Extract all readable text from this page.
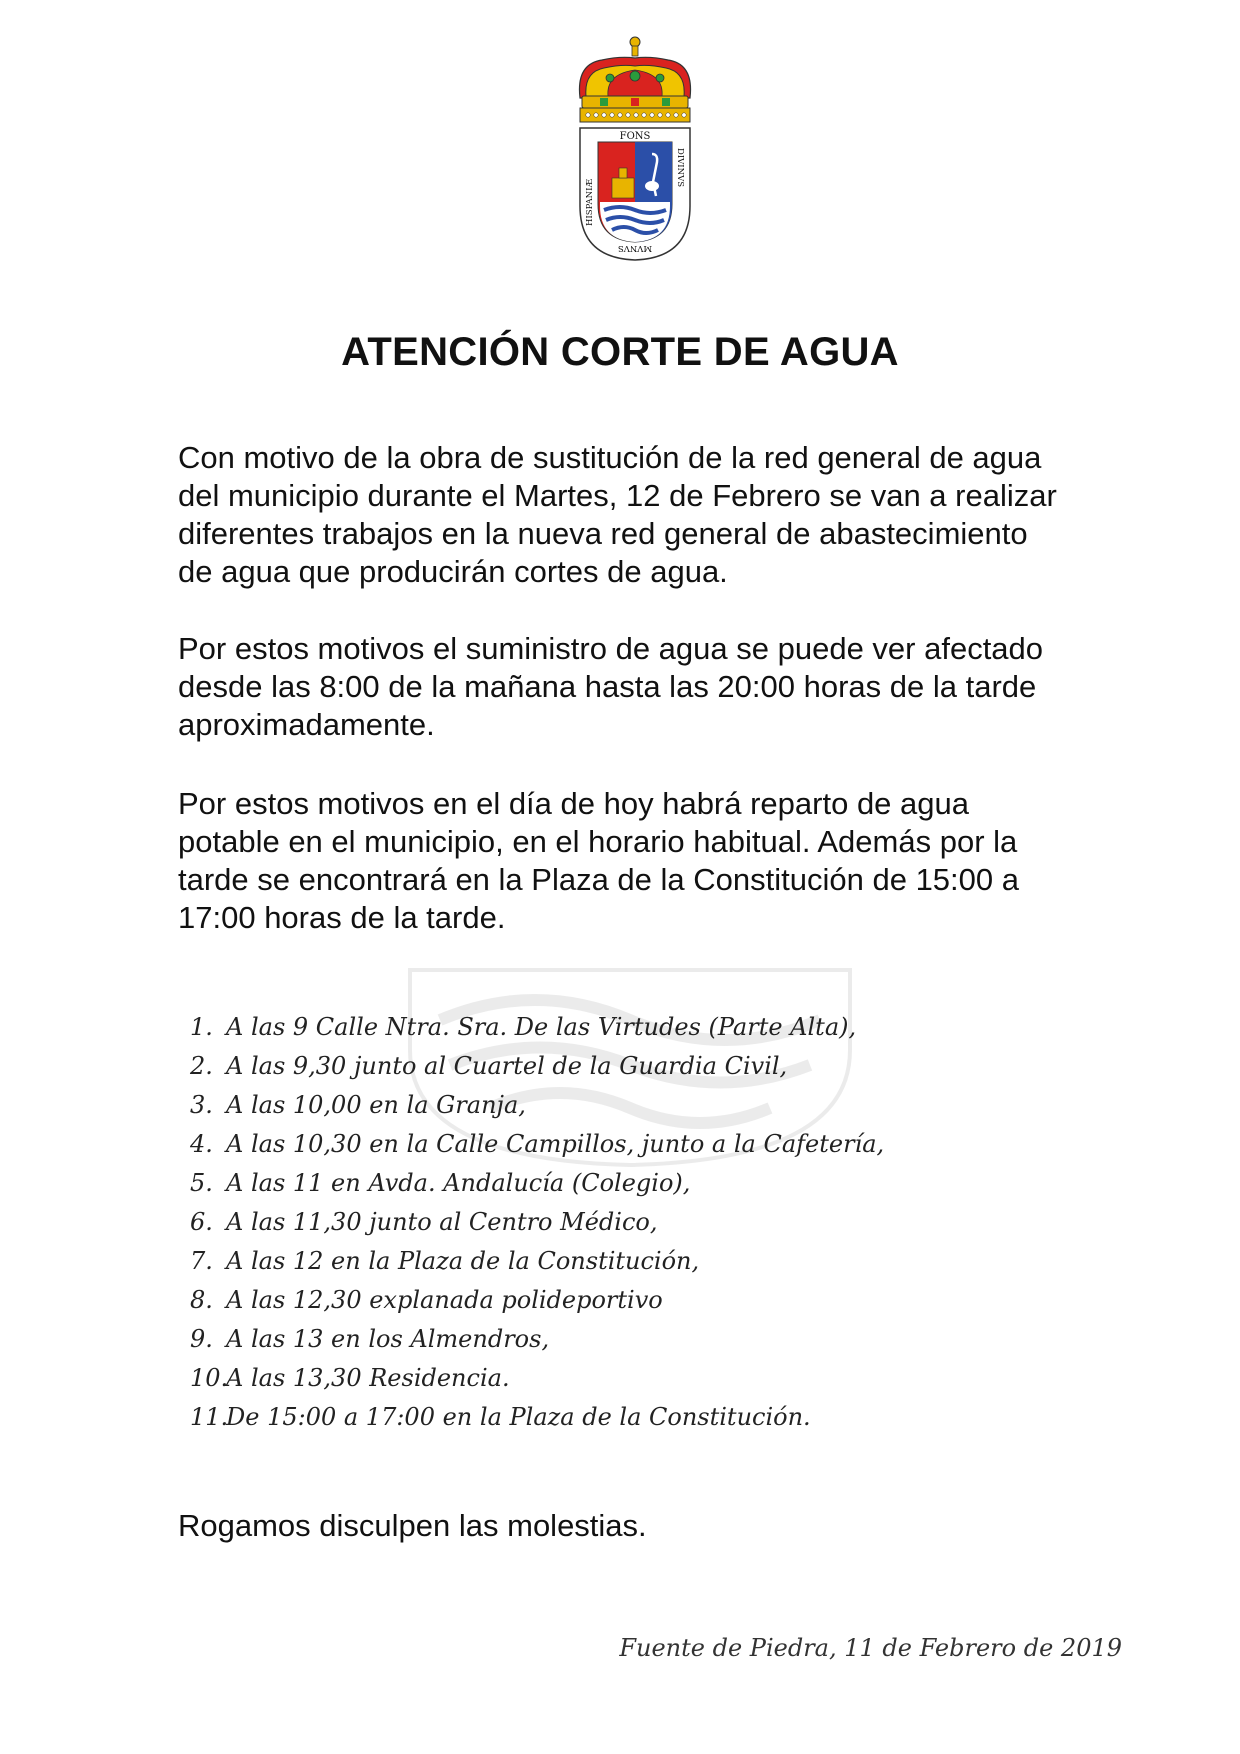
FONS
HISPANIÆ
DIVINVS
MVNVS
ATENCIÓN CORTE DE AGUA

Con motivo de la obra de sustitución de la red general de agua
del municipio durante el Martes, 12 de Febrero se van a realizar
diferentes trabajos en la nueva red general de abastecimiento
de agua que producirán cortes de agua.

Por estos motivos el suministro de agua se puede ver afectado
desde las 8:00 de la mañana hasta las 20:00 horas de la tarde
aproximadamente.

Por estos motivos en el día de hoy habrá reparto de agua
potable en el municipio, en el horario habitual. Además por la
tarde se encontrará en la Plaza de la Constitución de 15:00 a
17:00 horas de la tarde.

1. A las 9 Calle Ntra. Sra. De las Virtudes (Parte Alta),
2. A las 9,30 junto al Cuartel de la Guardia Civil,
3. A las 10,00 en la Granja,
4. A las 10,30 en la Calle Campillos, junto a la Cafetería,
5. A las 11 en Avda. Andalucía (Colegio),
6. A las 11,30 junto al Centro Médico,
7. A las 12 en la Plaza de la Constitución,
8. A las 12,30 explanada polideportivo
9. A las 13 en los Almendros,
10.A las 13,30 Residencia.
11.De 15:00 a 17:00 en la Plaza de la Constitución.

Rogamos disculpen las molestias.

Fuente de Piedra, 11 de Febrero de 2019
